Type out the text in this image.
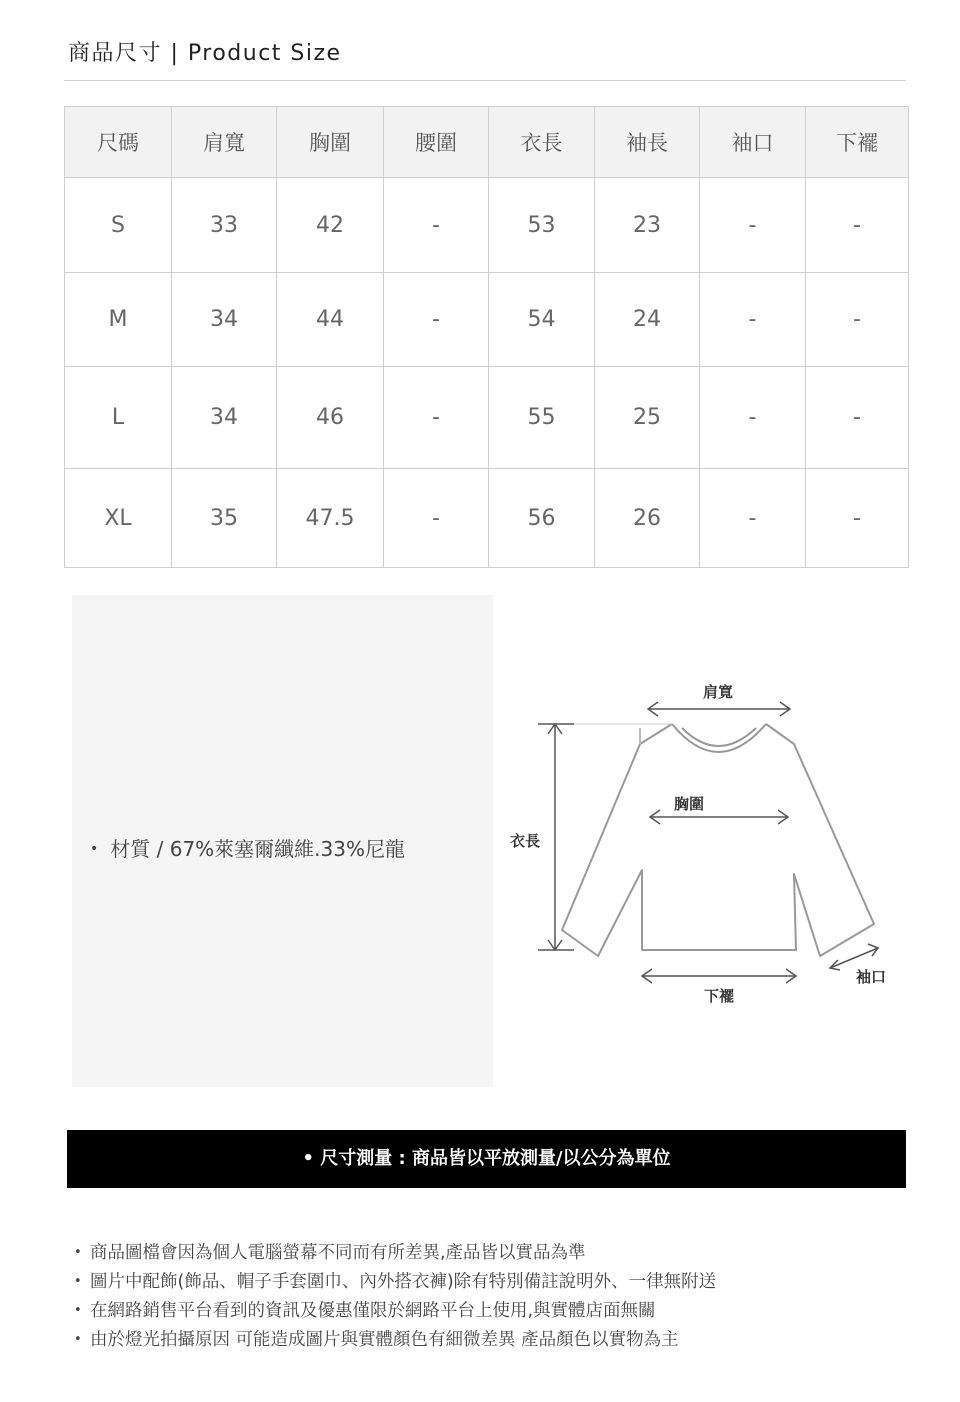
商品尺寸 | Product Size
尺碼	肩寬	胸圍	腰圍	衣長	袖長	袖口	下襬
S	33	42	-	53	23	-	-
M	34	44	-	54	24	-	-
L	34	46	-	55	25	-	-
XL	35	47.5	-	56	26	-	-
• 材質 / 67%萊塞爾纖維.33%尼龍
肩寬
胸圍
衣長
下襬
袖口
• 尺寸測量 : 商品皆以平放測量/以公分為單位
• 商品圖檔會因為個人電腦螢幕不同而有所差異,產品皆以實品為準
• 圖片中配飾(飾品、帽子手套圍巾、內外搭衣褲)除有特別備註說明外、一律無附送
• 在網路銷售平台看到的資訊及優惠僅限於網路平台上使用,與實體店面無關
• 由於燈光拍攝原因 可能造成圖片與實體顏色有細微差異 產品顏色以實物為主
